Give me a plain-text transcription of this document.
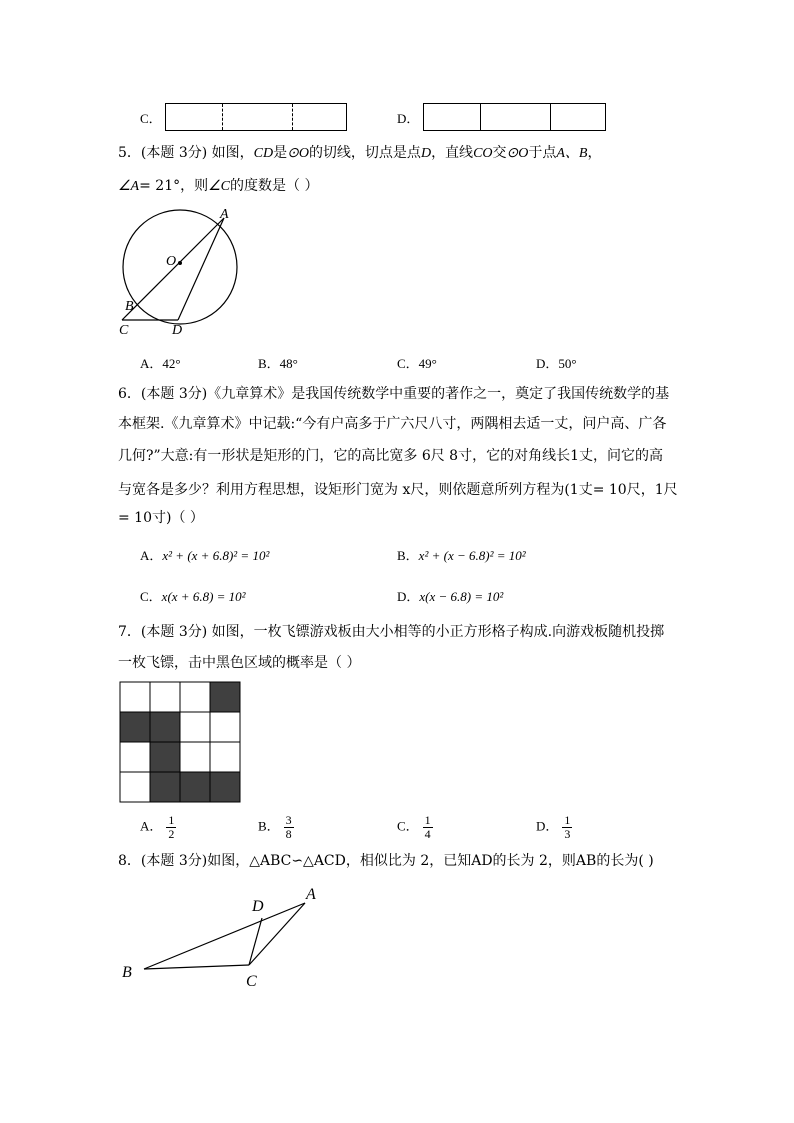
C．	D．
5．(本题 3分) 如图，CD是⊙O的切线，切点是点D，直线CO交⊙O于点A、B，
∠A= 21°，则∠C的度数是（ ）
A
O
B
C	D
A．42°	B．48°	C．49°	D．50°
6．(本题 3分)《九章算术》是我国传统数学中重要的著作之一，奠定了我国传统数学的基
本框架.《九章算术》中记载:“今有户高多于广六尺八寸，两隅相去适一丈，问户高、广各
几何?”大意:有一形状是矩形的门，它的高比宽多 6尺 8寸，它的对角线长1丈，问它的高
与宽各是多少？利用方程思想，设矩形门宽为 x尺，则依题意所列方程为(1丈= 10尺，1尺
= 10寸)（ ）
A．x² + (x + 6.8)² = 10²	B．x² + (x − 6.8)² = 10²
C．x(x + 6.8) = 10²	D．x(x − 6.8) = 10²
7．(本题 3分) 如图，一枚飞镖游戏板由大小相等的小正方形格子构成.向游戏板随机投掷
一枚飞镖，击中黑色区域的概率是（ ）
A． $\frac{1}{2}$	B． $\frac{3}{8}$	C． $\frac{1}{4}$	D． $\frac{1}{3}$
8．(本题 3分)如图，△ABC∽△ACD，相似比为 2，已知AD的长为 2，则AB的长为( )
A
B
C
D
